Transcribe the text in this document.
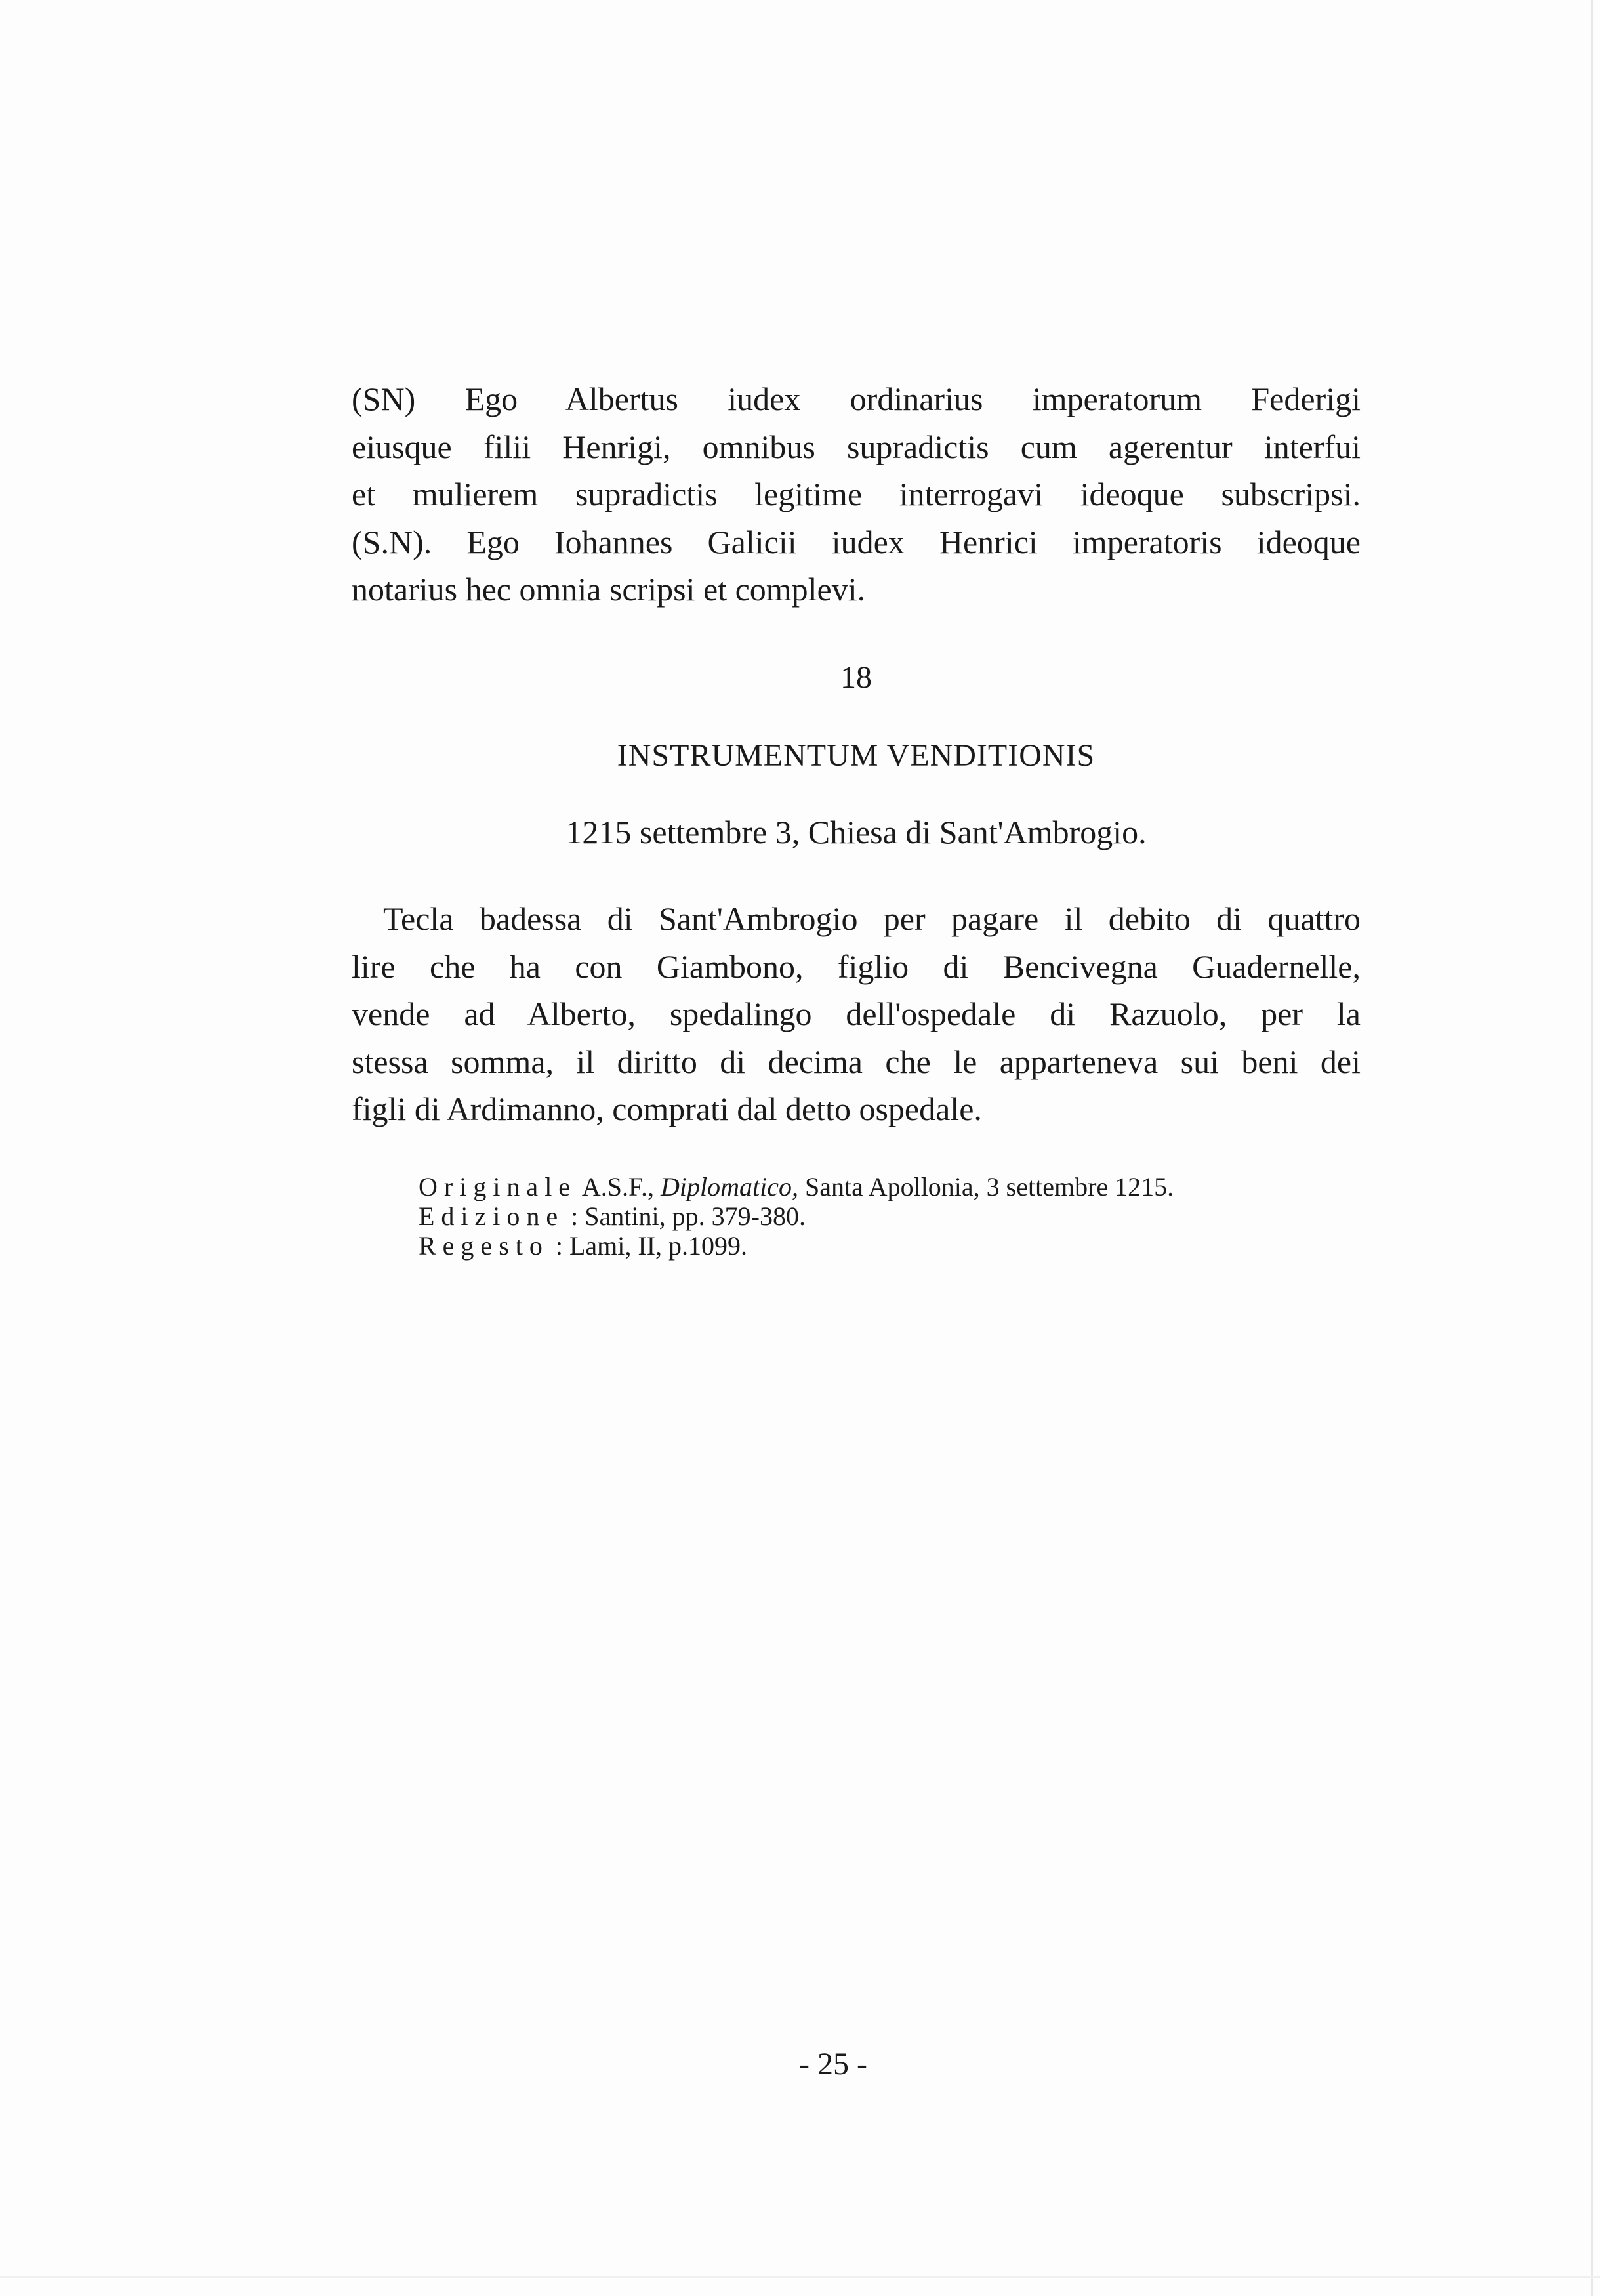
(SN) Ego Albertus iudex ordinarius imperatorum Federigi
eiusque filii Henrigi, omnibus supradictis cum agerentur interfui
et mulierem supradictis legitime interrogavi ideoque subscripsi.
(S.N). Ego Iohannes Galicii iudex Henrici imperatoris ideoque
notarius hec omnia scripsi et complevi.
18
INSTRUMENTUM VENDITIONIS
1215 settembre 3, Chiesa di Sant'Ambrogio.
Tecla badessa di Sant'Ambrogio per pagare il debito di quattro
lire che ha con Giambono, figlio di Bencivegna Guadernelle,
vende ad Alberto, spedalingo dell'ospedale di Razuolo, per la
stessa somma, il diritto di decima che le apparteneva sui beni dei
figli di Ardimanno, comprati dal detto ospedale.
Originale A.S.F., Diplomatico, Santa Apollonia, 3 settembre 1215.
Edizione : Santini, pp. 379-380.
Regesto : Lami, II, p.1099.
- 25 -
